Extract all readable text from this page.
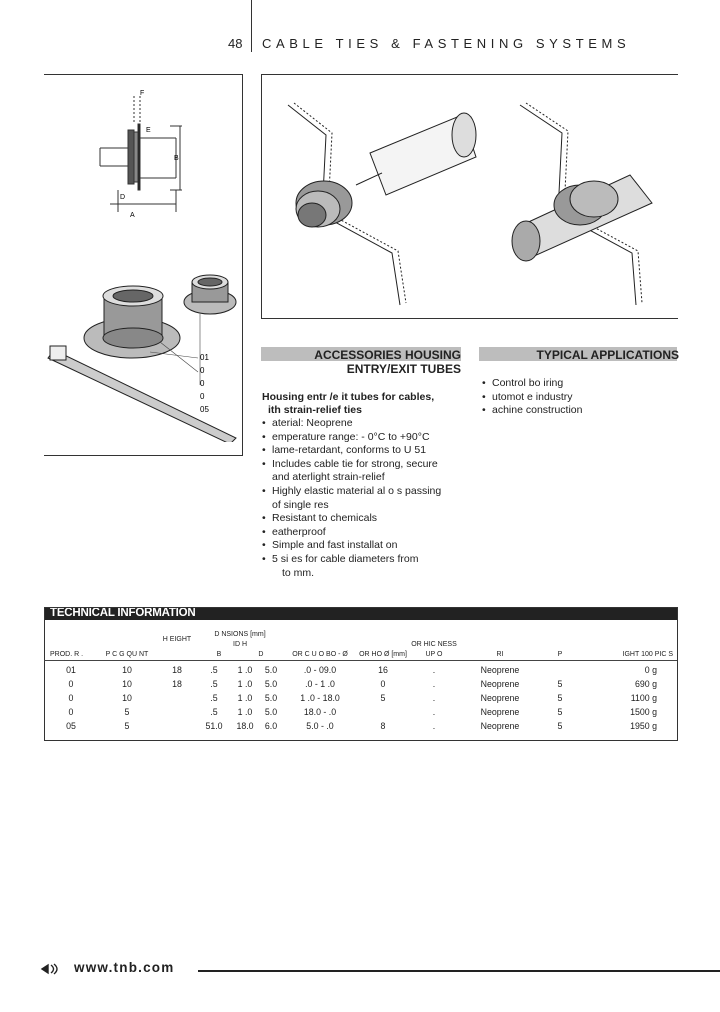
48 CABLE TIES & FASTENING SYSTEMS
F
E
B
D
A
01
0
0
0
05
ACCESSORIES HOUSING
ENTRY/EXIT TUBES
Housing entr /e it tubes for cables,
ith strain-relief ties
• aterial: Neoprene
• emperature range: - 0°C to +90°C
• lame-retardant, conforms to U 51
• Includes cable tie for strong, secure
and aterlight strain-relief
• Highly elastic material al o s passing
of single res
• Resistant to chemicals
• eatherproof
• Simple and fast installat on
• 5 si es for cable diameters from
to mm.
TYPICAL APPLICATIONS
• Control bo iring
• utomot e industry
• achine construction
TECHNICAL INFORMATION
PROD. R .	P C G QU NT	H EIGHT	D NSIONS [mm]
ID H
B D			OR C U O BO - Ø	OR HO Ø [mm]	OR HIC NESS UP O	RI	P	IGHT 100 PIC S

01	10	18	.5	1 .0	5.0	.0 - 09.0	16	.	Neoprene		0 g
0	10	18	.5	1 .0	5.0	.0 - 1 .0	0	.	Neoprene	5	690 g
0	10		.5	1 .0	5.0	1 .0 - 18.0	5	.	Neoprene	5	1100 g
0	5		.5	1 .0	5.0	18.0 - .0		.	Neoprene	5	1500 g
05	5		51.0	18.0	6.0	5.0 - .0	8	.	Neoprene	5	1950 g
www.tnb.com
